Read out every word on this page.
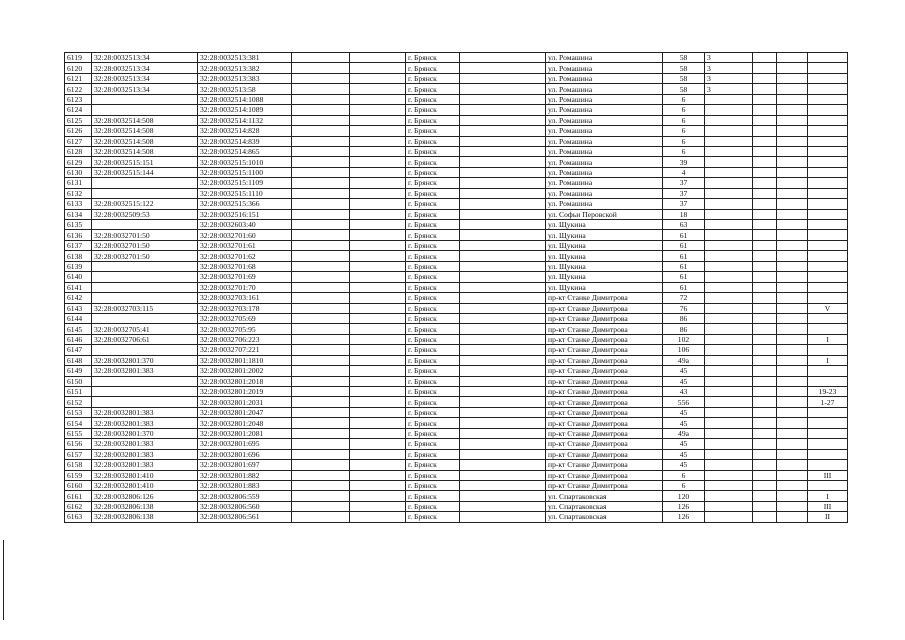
6119	32:28:0032513:34	32:28:0032513:381			г. Брянск		ул. Ромашина	58	3			
6120	32:28:0032513:34	32:28:0032513:382			г. Брянск		ул. Ромашина	58	3			
6121	32:28:0032513:34	32:28:0032513:383			г. Брянск		ул. Ромашина	58	3			
6122	32:28:0032513:34	32:28:0032513:58			г. Брянск		ул. Ромашина	58	3			
6123		32:28:0032514:1088			г. Брянск		ул. Ромашина	6				
6124		32:28:0032514:1089			г. Брянск		ул. Ромашина	6				
6125	32:28:0032514:508	32:28:0032514:1132			г. Брянск		ул. Ромашина	6				
6126	32:28:0032514:508	32:28:0032514:828			г. Брянск		ул. Ромашина	6				
6127	32:28:0032514:508	32:28:0032514:839			г. Брянск		ул. Ромашина	6				
6128	32:28:0032514:508	32:28:0032514:865			г. Брянск		ул. Ромашина	6				
6129	32:28:0032515:151	32:28:0032515:1010			г. Брянск		ул. Ромашина	39				
6130	32:28:0032515:144	32:28:0032515:1100			г. Брянск		ул. Ромашина	4				
6131		32:28:0032515:1109			г. Брянск		ул. Ромашина	37				
6132		32:28:0032515:1110			г. Брянск		ул. Ромашина	37				
6133	32:28:0032515:122	32:28:0032515:366			г. Брянск		ул. Ромашина	37				
6134	32:28:0032509:53	32:28:0032516:151			г. Брянск		ул. Софьи Перовской	18				
6135		32:28:0032603:40			г. Брянск		ул. Щукина	63				
6136	32:28:0032701:50	32:28:0032701:60			г. Брянск		ул. Щукина	61				
6137	32:28:0032701:50	32:28:0032701:61			г. Брянск		ул. Щукина	61				
6138	32:28:0032701:50	32:28:0032701:62			г. Брянск		ул. Щукина	61				
6139		32:28:0032701:68			г. Брянск		ул. Щукина	61				
6140		32:28:0032701:69			г. Брянск		ул. Щукина	61				
6141		32:28:0032701:70			г. Брянск		ул. Щукина	61				
6142		32:28:0032703:161			г. Брянск		пр-кт Станке Димитрова	72				
6143	32:28:0032703:115	32:28:0032703:178			г. Брянск		пр-кт Станке Димитрова	76				V
6144		32:28:0032705:69			г. Брянск		пр-кт Станке Димитрова	86				
6145	32:28:0032705:41	32:28:0032705:95			г. Брянск		пр-кт Станке Димитрова	86				
6146	32:28:0032706:61	32:28:0032706:223			г. Брянск		пр-кт Станке Димитрова	102				I
6147		32:28:0032707:221			г. Брянск		пр-кт Станке Димитрова	106				
6148	32:28:0032801:370	32:28:0032801:1810			г. Брянск		пр-кт Станке Димитрова	49а				I
6149	32:28:0032801:383	32:28:0032801:2002			г. Брянск		пр-кт Станке Димитрова	45				
6150		32:28:0032801:2018			г. Брянск		пр-кт Станке Димитрова	45				
6151		32:28:0032801:2019			г. Брянск		пр-кт Станке Димитрова	43				19-23
6152		32:28:0032801:2031			г. Брянск		пр-кт Станке Димитрова	556				1-27
6153	32:28:0032801:383	32:28:0032801:2047			г. Брянск		пр-кт Станке Димитрова	45				
6154	32:28:0032801:383	32:28:0032801:2048			г. Брянск		пр-кт Станке Димитрова	45				
6155	32:28:0032801:370	32:28:0032801:2081			г. Брянск		пр-кт Станке Димитрова	49а				
6156	32:28:0032801:383	32:28:0032801:695			г. Брянск		пр-кт Станке Димитрова	45				
6157	32:28:0032801:383	32:28:0032801:696			г. Брянск		пр-кт Станке Димитрова	45				
6158	32:28:0032801:383	32:28:0032801:697			г. Брянск		пр-кт Станке Димитрова	45				
6159	32:28:0032801:410	32:28:0032801:882			г. Брянск		пр-кт Станке Димитрова	6				III
6160	32:28:0032801:410	32:28:0032801:883			г. Брянск		пр-кт Станке Димитрова	6				
6161	32:28:0032806:126	32:28:0032806:559			г. Брянск		ул. Спартаковская	120				I
6162	32:28:0032806:138	32:28:0032806:560			г. Брянск		ул. Спартаковская	126				III
6163	32:28:0032806:138	32:28:0032806:561			г. Брянск		ул. Спартаковская	126				II
